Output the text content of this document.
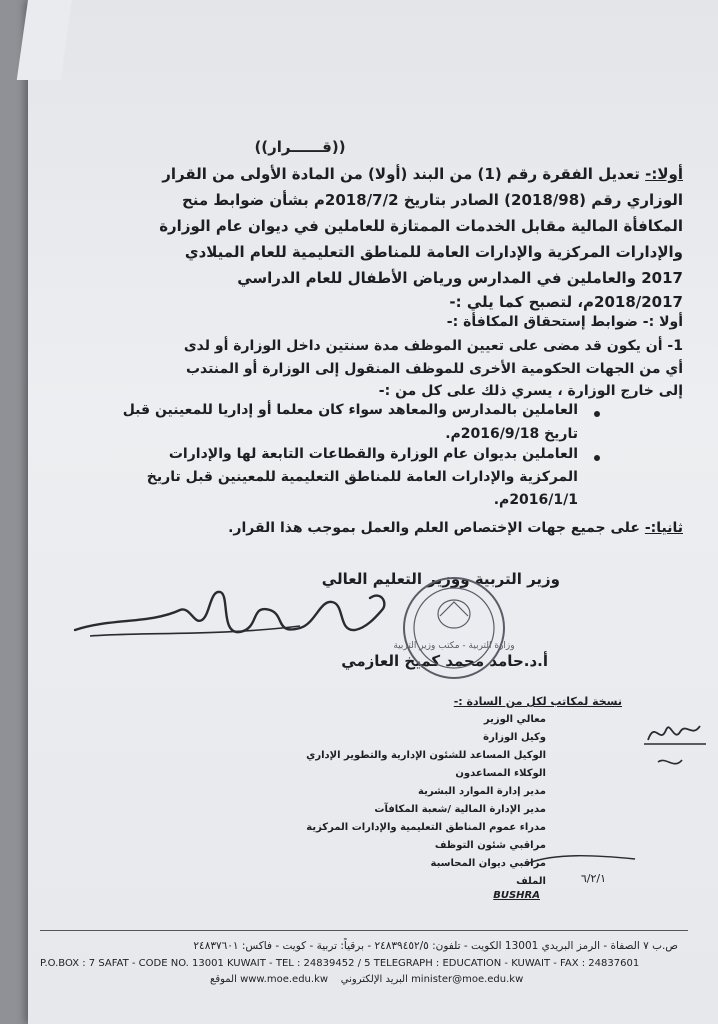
((قــــــرار))
أولا:- تعديل الفقرة رقم (1) من البند (أولا) من المادة الأولى من القرار
الوزاري رقم (2018/98) الصادر بتاريخ 2018/7/2م بشأن ضوابط منح
المكافأة المالية مقابل الخدمات الممتازة للعاملين في ديوان عام الوزارة
والإدارات المركزية والإدارات العامة للمناطق التعليمية للعام الميلادي
2017 والعاملين في المدارس ورياض الأطفال للعام الدراسي
2018/2017م، لتصبح كما يلي :-
أولا :- ضوابط إستحقاق المكافأة :-
1- أن يكون قد مضى على تعيين الموظف مدة سنتين داخل الوزارة أو لدى
أي من الجهات الحكومية الأخرى للموظف المنقول إلى الوزارة أو المنتدب
إلى خارج الوزارة ، يسري ذلك على كل من :-
العاملين بالمدارس والمعاهد سواء كان معلما أو إداريا للمعينين قبل
تاريخ 2016/9/18م.
العاملين بديوان عام الوزارة والقطاعات التابعة لها والإدارات
المركزية والإدارات العامة للمناطق التعليمية للمعينين قبل تاريخ
2016/1/1م.
ثانيا:- على جميع جهات الإختصاص العلم والعمل بموجب هذا القرار.
وزير التربية ووزير التعليم العالي
أ.د.حامد محمد كميخ العازمي
وزارة التربية - مكتب وزير التربية
نسخة لمكاتب لكل من السادة :-
معالي الوزير
وكيل الوزارة
الوكيل المساعد للشئون الإدارية والتطوير الإداري
الوكلاء المساعدون
مدير إدارة الموارد البشرية
مدير الإدارة المالية /شعبة المكافآت
مدراء عموم المناطق التعليمية والإدارات المركزية
مراقبي شئون التوظف
مراقبي ديوان المحاسبة
الملف
BUSHRA
٦/٢/١
ص.ب ٧ الصفاة - الرمز البريدي 13001 الكويت - تلفون: ٢٤٨٣٩٤٥٢/٥ - برقياً: تربية - كويت - فاكس: ٢٤٨٣٧٦٠١
P.O.BOX : 7 SAFAT - CODE NO. 13001 KUWAIT - TEL : 24839452 / 5 TELEGRAPH : EDUCATION - KUWAIT - FAX : 24837601
الموقع www.moe.edu.kw البريد الإلكتروني minister@moe.edu.kw
